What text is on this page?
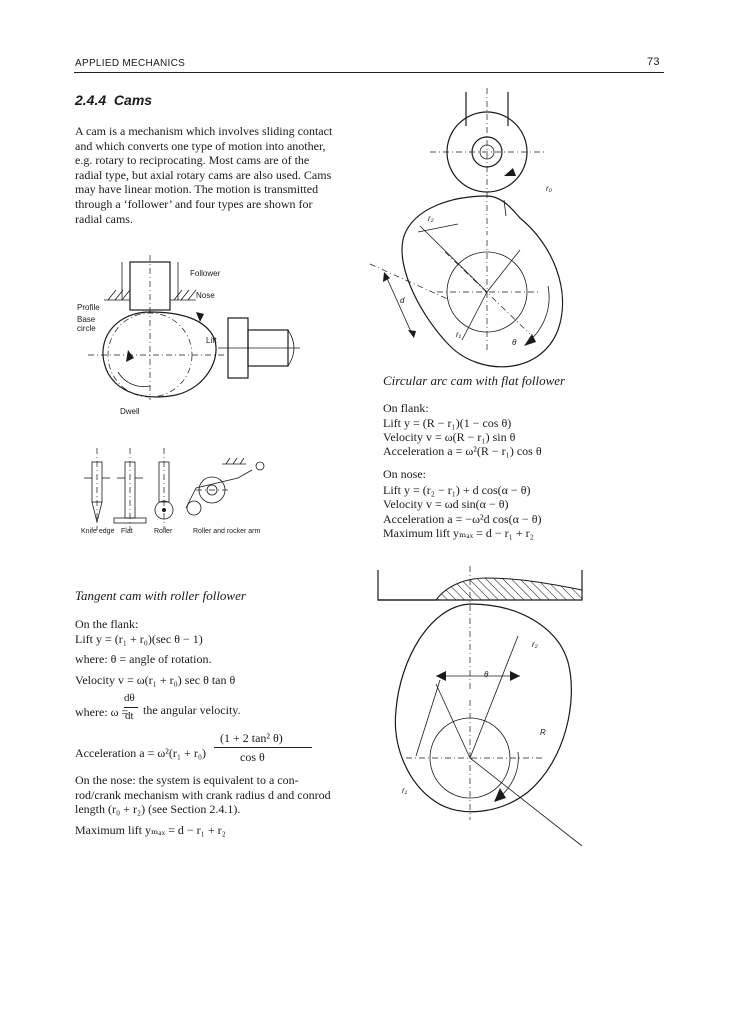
APPLIED MECHANICS	73
2.4.4 Cams
A cam is a mechanism which involves sliding contact
and which converts one type of motion into another,
e.g. rotary to reciprocating. Most cams are of the
radial type, but axial rotary cams are also used. Cams
may have linear motion. The motion is transmitted
through a ‘follower’ and four types are shown for
radial cams.
Follower
Nose
Profile
Base
circle
Lift
Dwell
Knife edge Flat	Roller	Roller and rocker arm
Tangent cam with roller follower
On the flank:
Lift y = (r₁ + r₀)(sec θ − 1)
where: θ = angle of rotation.
Velocity v = ω(r₁ + r₀) sec θ tan θ
where: ω =
dθ
dt the angular velocity.
Acceleration a = ω²(r₁ + r₀)
(1 + 2 tan² θ)
cos θ
On the nose: the system is equivalent to a con-
rod/crank mechanism with crank radius d and conrod
length (r₀ + r₂) (see Section 2.4.1).
Maximum lift yₘₐₓ = d − r₁ + r₂
r₀
r₂
d
r₁
θ
Circular arc cam with flat follower
On flank:
Lift y = (R − r₁)(1 − cos θ)
Velocity v = ω(R − r₁) sin θ
Acceleration a = ω²(R − r₁) cos θ
On nose:
Lift y = (r₂ − r₁) + d cos(α − θ)
Velocity v = ωd sin(α − θ)
Acceleration a = −ω²d cos(α − θ)
Maximum lift yₘₐₓ = d − r₁ + r₂
r₂
θ
R
r₁
